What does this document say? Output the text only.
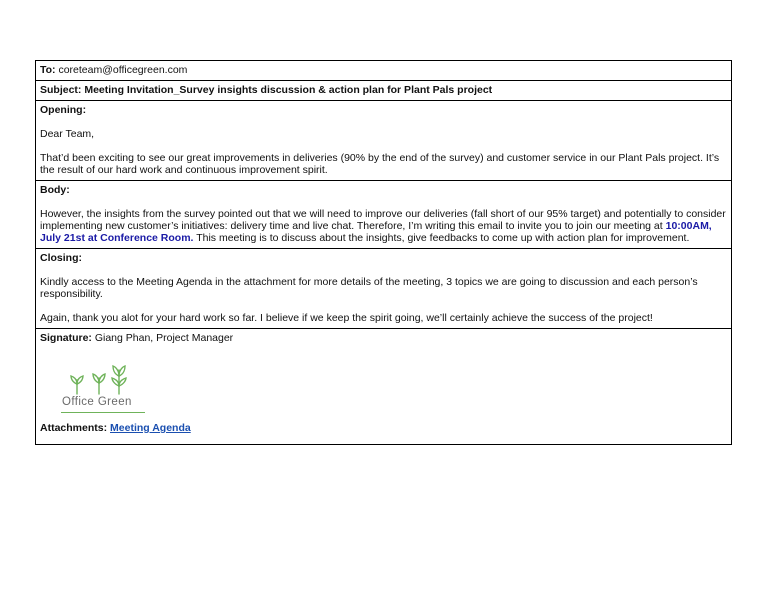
To: coreteam@officegreen.com
Subject: Meeting Invitation_Survey insights discussion & action plan for Plant Pals project

Opening:

Dear Team,

That’d been exciting to see our great improvements in deliveries (90% by the end of the survey) and customer service in our Plant Pals project. It’s the result of our hard work and continuous improvement spirit.

Body:

However, the insights from the survey pointed out that we will need to improve our deliveries (fall short of our 95% target) and potentially to consider implementing new customer’s initiatives: delivery time and live chat. Therefore, I’m writing this email to invite you to join our meeting at 10:00AM, July 21st at Conference Room. This meeting is to discuss about the insights, give feedbacks to come up with action plan for improvement.

Closing:

Kindly access to the Meeting Agenda in the attachment for more details of the meeting, 3 topics we are going to discussion and each person’s responsibility.

Again, thank you alot for your hard work so far. I believe if we keep the spirit going, we’ll certainly achieve the success of the project!

Signature: Giang Phan, Project Manager

Office Green

Attachments: Meeting Agenda
